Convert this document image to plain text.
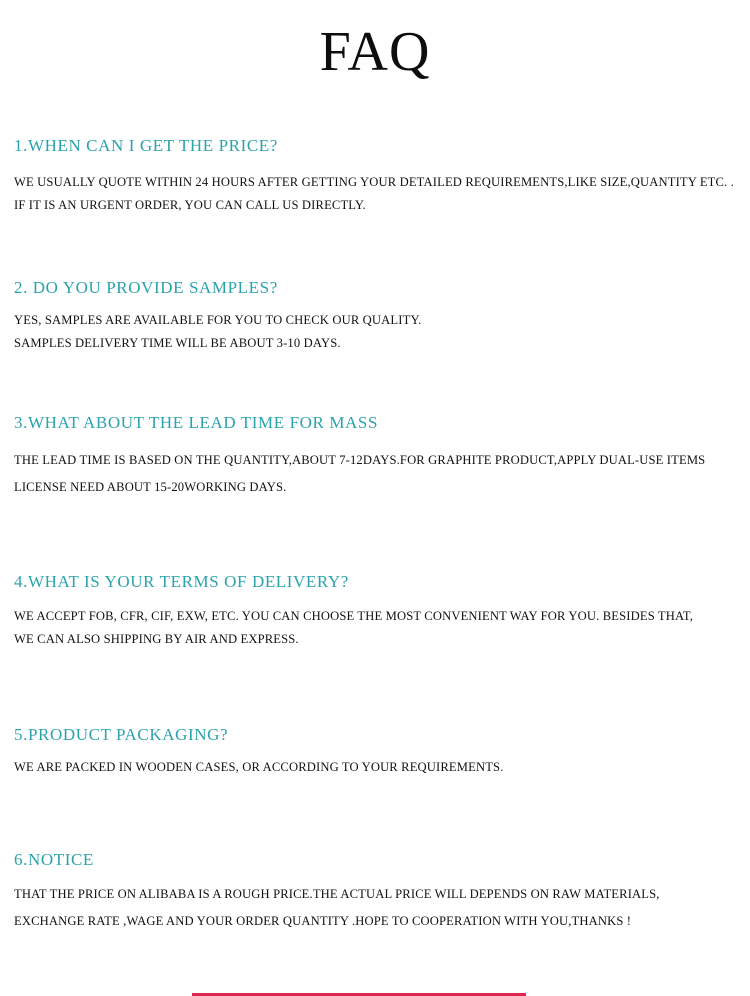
FAQ

1.WHEN CAN I GET THE PRICE?

WE USUALLY QUOTE WITHIN 24 HOURS AFTER GETTING YOUR DETAILED REQUIREMENTS,LIKE SIZE,QUANTITY ETC. .
IF IT IS AN URGENT ORDER, YOU CAN CALL US DIRECTLY.

2. DO YOU PROVIDE SAMPLES?

YES, SAMPLES ARE AVAILABLE FOR YOU TO CHECK OUR QUALITY.
SAMPLES DELIVERY TIME WILL BE ABOUT 3-10 DAYS.

3.WHAT ABOUT THE LEAD TIME FOR MASS

THE LEAD TIME IS BASED ON THE QUANTITY,ABOUT 7-12DAYS.FOR GRAPHITE PRODUCT,APPLY DUAL-USE ITEMS
LICENSE NEED ABOUT 15-20WORKING DAYS.

4.WHAT IS YOUR TERMS OF DELIVERY?

WE ACCEPT FOB, CFR, CIF, EXW, ETC. YOU CAN CHOOSE THE MOST CONVENIENT WAY FOR YOU. BESIDES THAT,
WE CAN ALSO SHIPPING BY AIR AND EXPRESS.

5.PRODUCT PACKAGING?

WE ARE PACKED IN WOODEN CASES, OR ACCORDING TO YOUR REQUIREMENTS.

6.NOTICE

THAT THE PRICE ON ALIBABA IS A ROUGH PRICE.THE ACTUAL PRICE WILL DEPENDS ON RAW MATERIALS,
EXCHANGE RATE ,WAGE AND YOUR ORDER QUANTITY .HOPE TO COOPERATION WITH YOU,THANKS !
